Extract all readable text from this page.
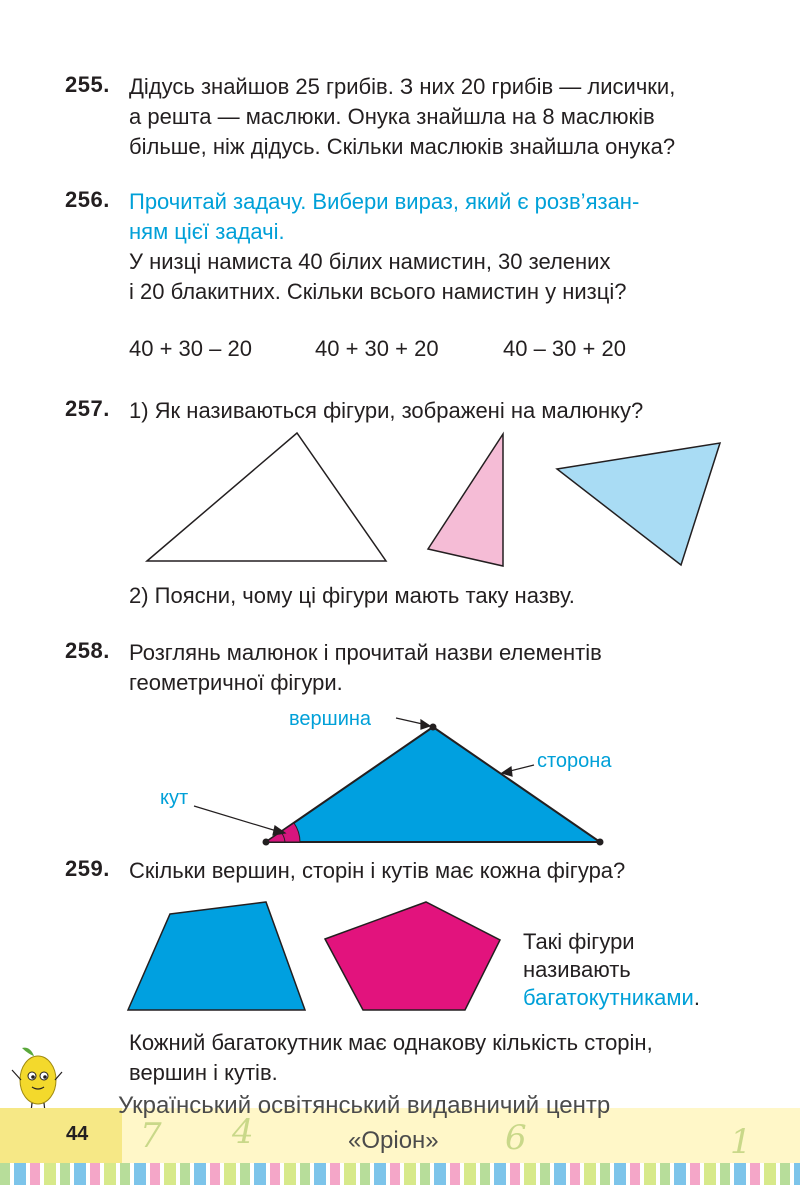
255. Дідусь знайшов 25 грибів. З них 20 грибів — лисички,
а решта — маслюки. Онука знайшла на 8 маслюків
більше, ніж дідусь. Скільки маслюків знайшла онука?
256. Прочитай задачу. Вибери вираз, який є розв’язан-
ням цієї задачі.
У низці намиста 40 білих намистин, 30 зелених
і 20 блакитних. Скільки всього намистин у низці?
40 + 30 – 20	40 + 30 + 20	40 – 30 + 20
257. 1) Як називаються фігури, зображені на малюнку?
2) Поясни, чому ці фігури мають таку назву.
258. Розглянь малюнок і прочитай назви елементів
геометричної фігури.
вершина
сторона
кут
259. Скільки вершин, сторін і кутів має кожна фігура?
Такі фігури
називають
багатокутниками.
Кожний багатокутник має однакову кількість сторін,
вершин і кутів.
7 4	6	1
44
Український освітянський видавничий центр
«Оріон»
